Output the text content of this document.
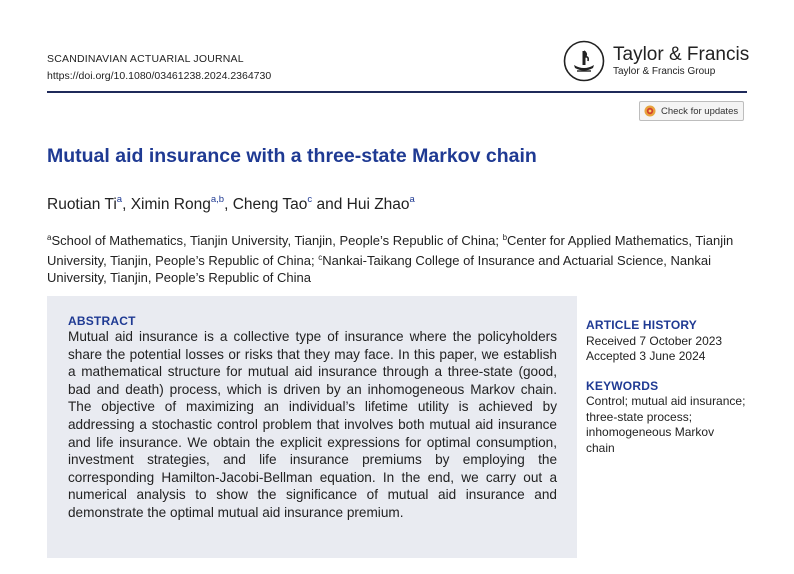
SCANDINAVIAN ACTUARIAL JOURNAL
https://doi.org/10.1080/03461238.2024.2364730
Taylor & Francis
Taylor & Francis Group
Check for updates
Mutual aid insurance with a three-state Markov chain
Ruotian Ti$^a$, Ximin Rong$^{a,b}$, Cheng Tao$^c$ and Hui Zhao$^a$
$^a$School of Mathematics, Tianjin University, Tianjin, People’s Republic of China; $^b$Center for Applied Mathematics, Tianjin University, Tianjin, People’s Republic of China; $^c$Nankai-Taikang College of Insurance and Actuarial Science, Nankai University, Tianjin, People’s Republic of China
ABSTRACT
Mutual aid insurance is a collective type of insurance where the policyholders share the potential losses or risks that they may face. In this paper, we establish a mathematical structure for mutual aid insurance through a three-state (good, bad and death) process, which is driven by an inhomogeneous Markov chain. The objective of maximizing an individual’s lifetime utility is achieved by addressing a stochastic control problem that involves both mutual aid insurance and life insurance. We obtain the explicit expressions for optimal consumption, investment strategies, and life insurance premiums by employing the corresponding Hamilton-Jacobi-Bellman equation. In the end, we carry out a numerical analysis to show the significance of mutual aid insurance and demonstrate the optimal mutual aid insurance premium.
ARTICLE HISTORY
Received 7 October 2023
Accepted 3 June 2024
KEYWORDS
Control; mutual aid insurance; three-state process; inhomogeneous Markov chain
